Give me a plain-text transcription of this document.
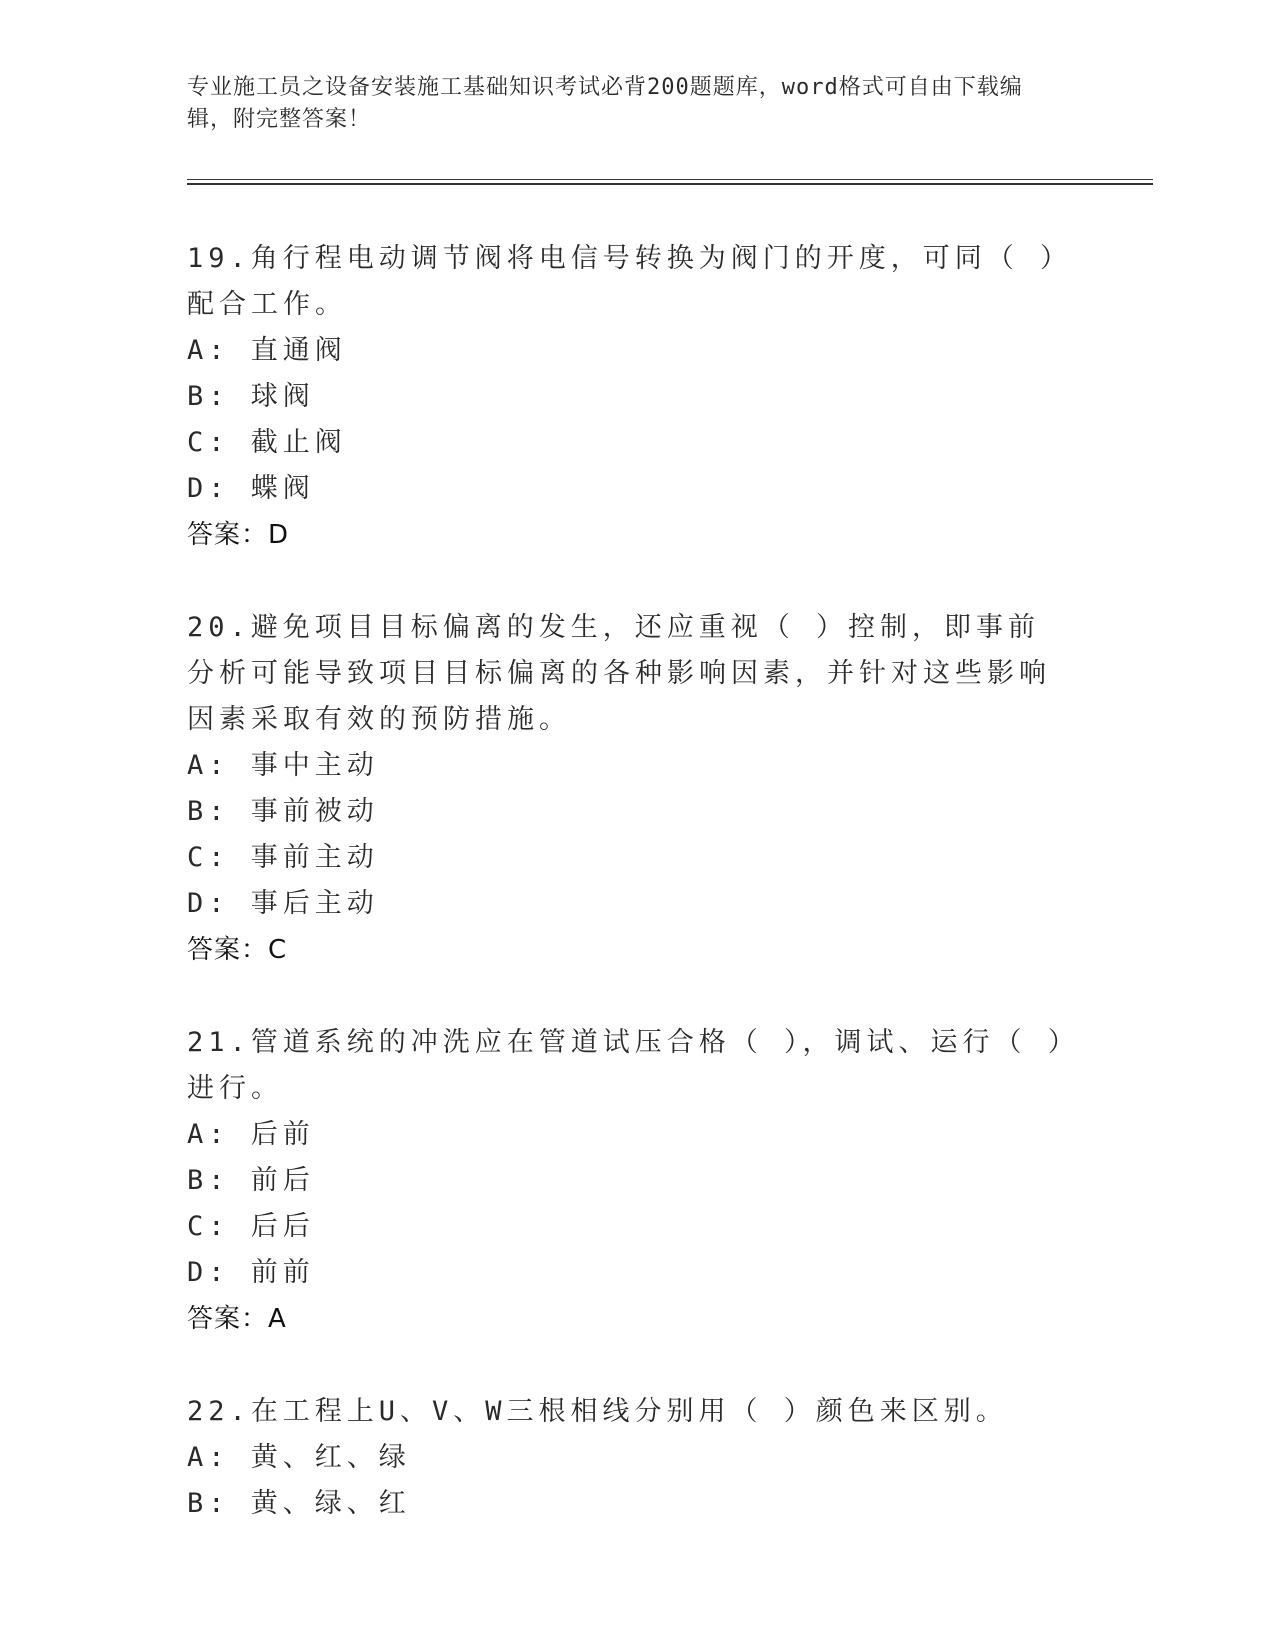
专业施工员之设备安装施工基础知识考试必背200题题库，word格式可自由下载编辑，附完整答案！
19.角行程电动调节阀将电信号转换为阀门的开度，可同（ ）配合工作。
A: 直通阀
B: 球阀
C: 截止阀
D: 蝶阀
答案：D
20.避免项目目标偏离的发生，还应重视（ ）控制，即事前分析可能导致项目目标偏离的各种影响因素，并针对这些影响因素采取有效的预防措施。
A: 事中主动
B: 事前被动
C: 事前主动
D: 事后主动
答案：C
21.管道系统的冲洗应在管道试压合格（ ），调试、运行（ ）进行。
A: 后前
B: 前后
C: 后后
D: 前前
答案：A
22.在工程上U、V、W三根相线分别用（ ）颜色来区别。
A: 黄、红、绿
B: 黄、绿、红
